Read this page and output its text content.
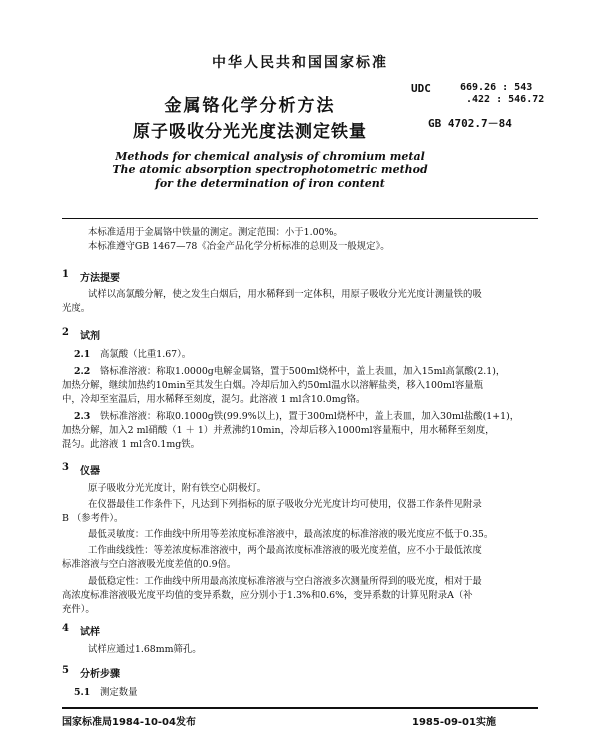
中华人民共和国国家标准
金属铬化学分析方法
原子吸收分光光度法测定铁量
UDC	669.26 : 543
.422 : 546.72
GB 4702.7－84
Methods for chemical analysis of chromium metal
The atomic absorption spectrophotometric method
for the determination of iron content
本标准适用于金属铬中铁量的测定。测定范围：小于1.00%。
本标准遵守GB 1467—78《冶金产品化学分析标准的总则及一般规定》。
1 方法提要
试样以高氯酸分解，使之发生白烟后，用水稀释到一定体积，用原子吸收分光光度计测量铁的吸
光度。
2 试剂
2.1 高氯酸（比重1.67）。
2.2 铬标准溶液：称取1.0000g电解金属铬，置于500ml烧杯中，盖上表皿，加入15ml高氯酸(2.1)，
加热分解，继续加热约10min至其发生白烟。冷却后加入约50ml温水以溶解盐类，移入100ml容量瓶
中，冷却至室温后，用水稀释至刻度，混匀。此溶液 1 ml含10.0mg铬。
2.3 铁标准溶液：称取0.1000g铁(99.9%以上)，置于300ml烧杯中，盖上表皿，加入30ml盐酸(1+1)，
加热分解，加入2 ml硝酸（1 ＋ 1）并煮沸约10min，冷却后移入1000ml容量瓶中，用水稀释至刻度，
混匀。此溶液 1 ml含0.1mg铁。
3 仪器
原子吸收分光光度计，附有铁空心阴极灯。
在仪器最佳工作条件下，凡达到下列指标的原子吸收分光光度计均可使用，仪器工作条件见附录
B （参考件）。
最低灵敏度：工作曲线中所用等差浓度标准溶液中，最高浓度的标准溶液的吸光度应不低于0.35。
工作曲线线性：等差浓度标准溶液中，两个最高浓度标准溶液的吸光度差值，应不小于最低浓度
标准溶液与空白溶液吸光度差值的0.9倍。
最低稳定性：工作曲线中所用最高浓度标准溶液与空白溶液多次测量所得到的吸光度，相对于最
高浓度标准溶液吸光度平均值的变异系数，应分别小于1.3%和0.6%，变异系数的计算见附录A（补
充件）。
4 试样
试样应通过1.68mm筛孔。
5 分析步骤
5.1 测定数量
国家标准局1984-10-04发布	1985-09-01实施
